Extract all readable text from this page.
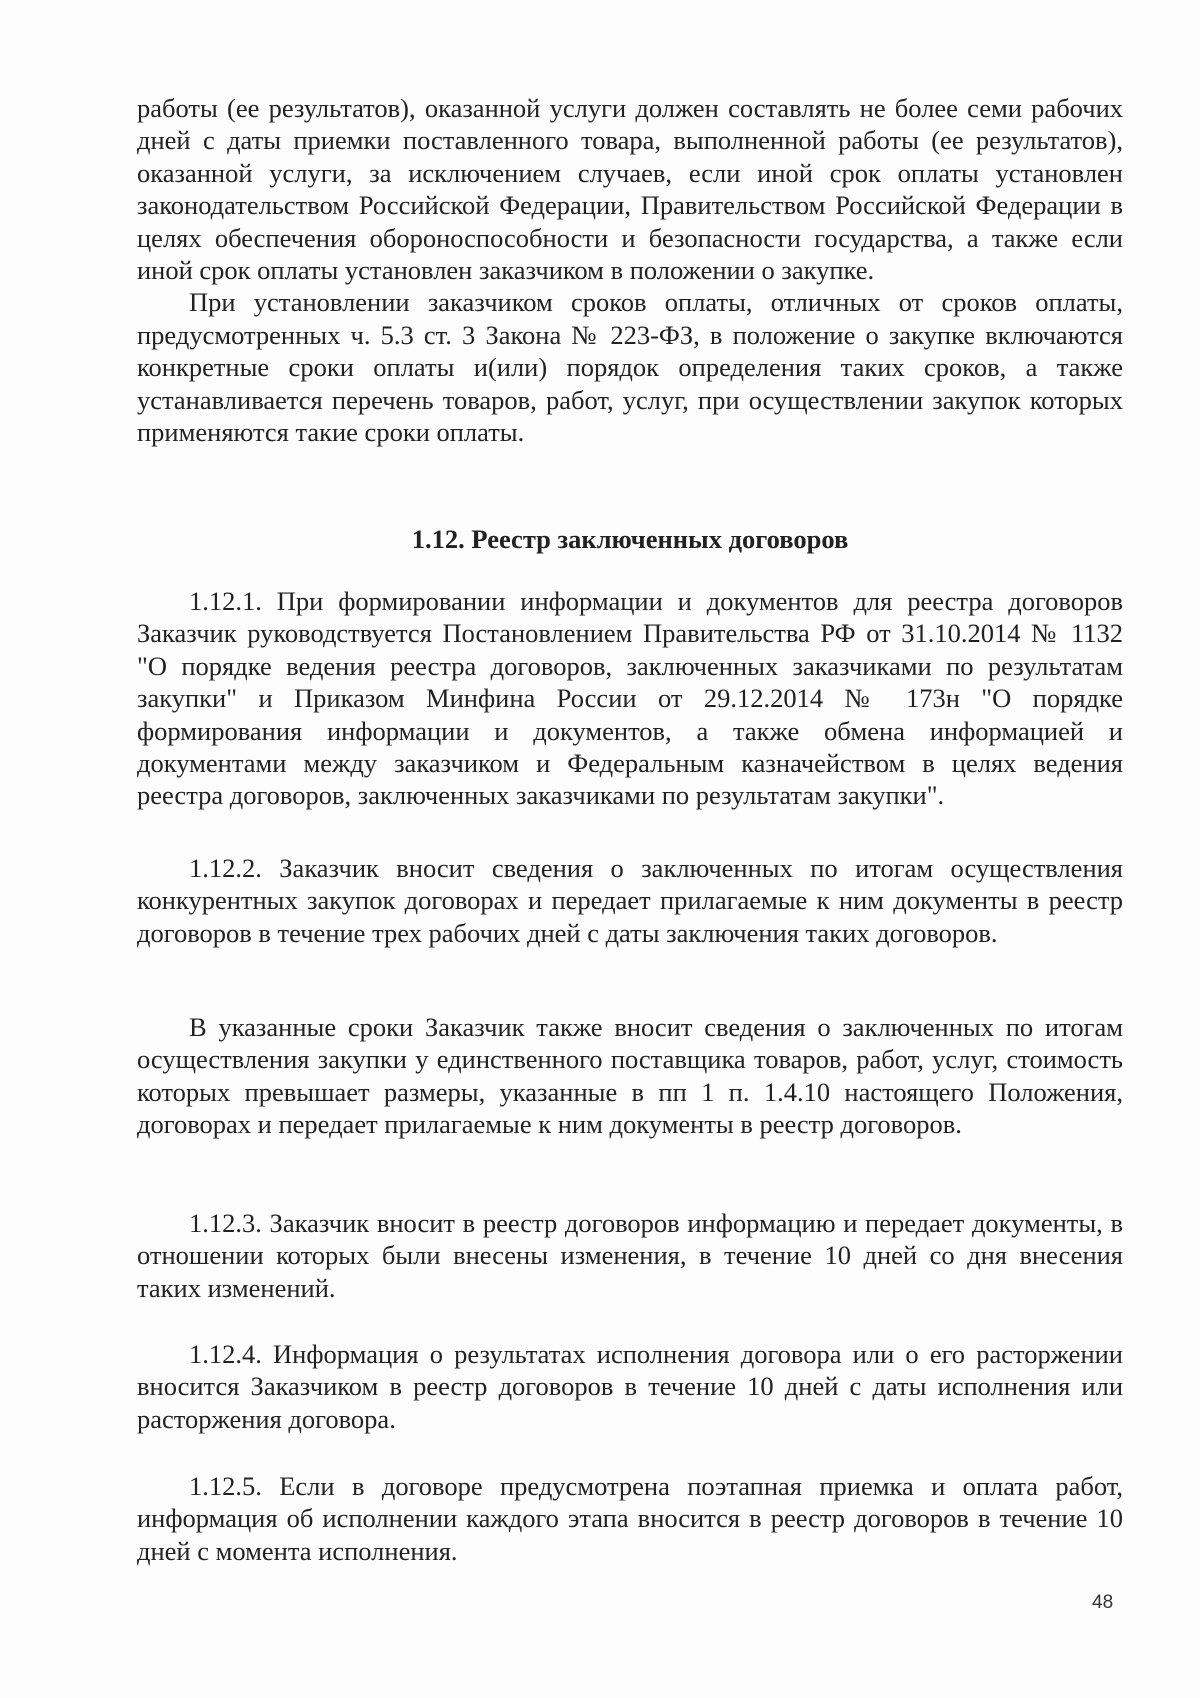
работы (ее результатов), оказанной услуги должен составлять не более семи рабочих дней с даты приемки поставленного товара, выполненной работы (ее результатов), оказанной услуги, за исключением случаев, если иной срок оплаты установлен законодательством Российской Федерации, Правительством Российской Федерации в целях обеспечения обороноспособности и безопасности государства, а также если иной срок оплаты установлен заказчиком в положении о закупке.

При установлении заказчиком сроков оплаты, отличных от сроков оплаты, предусмотренных ч. 5.3 ст. 3 Закона № 223-ФЗ, в положение о закупке включаются конкретные сроки оплаты и(или) порядок определения таких сроков, а также устанавливается перечень товаров, работ, услуг, при осуществлении закупок которых применяются такие сроки оплаты.

1.12. Реестр заключенных договоров

1.12.1. При формировании информации и документов для реестра договоров Заказчик руководствуется Постановлением Правительства РФ от 31.10.2014 № 1132 "О порядке ведения реестра договоров, заключенных заказчиками по результатам закупки" и Приказом Минфина России от 29.12.2014 № 173н "О порядке формирования информации и документов, а также обмена информацией и документами между заказчиком и Федеральным казначейством в целях ведения реестра договоров, заключенных заказчиками по результатам закупки".

1.12.2. Заказчик вносит сведения о заключенных по итогам осуществления конкурентных закупок договорах и передает прилагаемые к ним документы в реестр договоров в течение трех рабочих дней с даты заключения таких договоров.

В указанные сроки Заказчик также вносит сведения о заключенных по итогам осуществления закупки у единственного поставщика товаров, работ, услуг, стоимость которых превышает размеры, указанные в пп 1 п. 1.4.10 настоящего Положения, договорах и передает прилагаемые к ним документы в реестр договоров.

1.12.3. Заказчик вносит в реестр договоров информацию и передает документы, в отношении которых были внесены изменения, в течение 10 дней со дня внесения таких изменений.

1.12.4. Информация о результатах исполнения договора или о его расторжении вносится Заказчиком в реестр договоров в течение 10 дней с даты исполнения или расторжения договора.

1.12.5. Если в договоре предусмотрена поэтапная приемка и оплата работ, информация об исполнении каждого этапа вносится в реестр договоров в течение 10 дней с момента исполнения.

48
